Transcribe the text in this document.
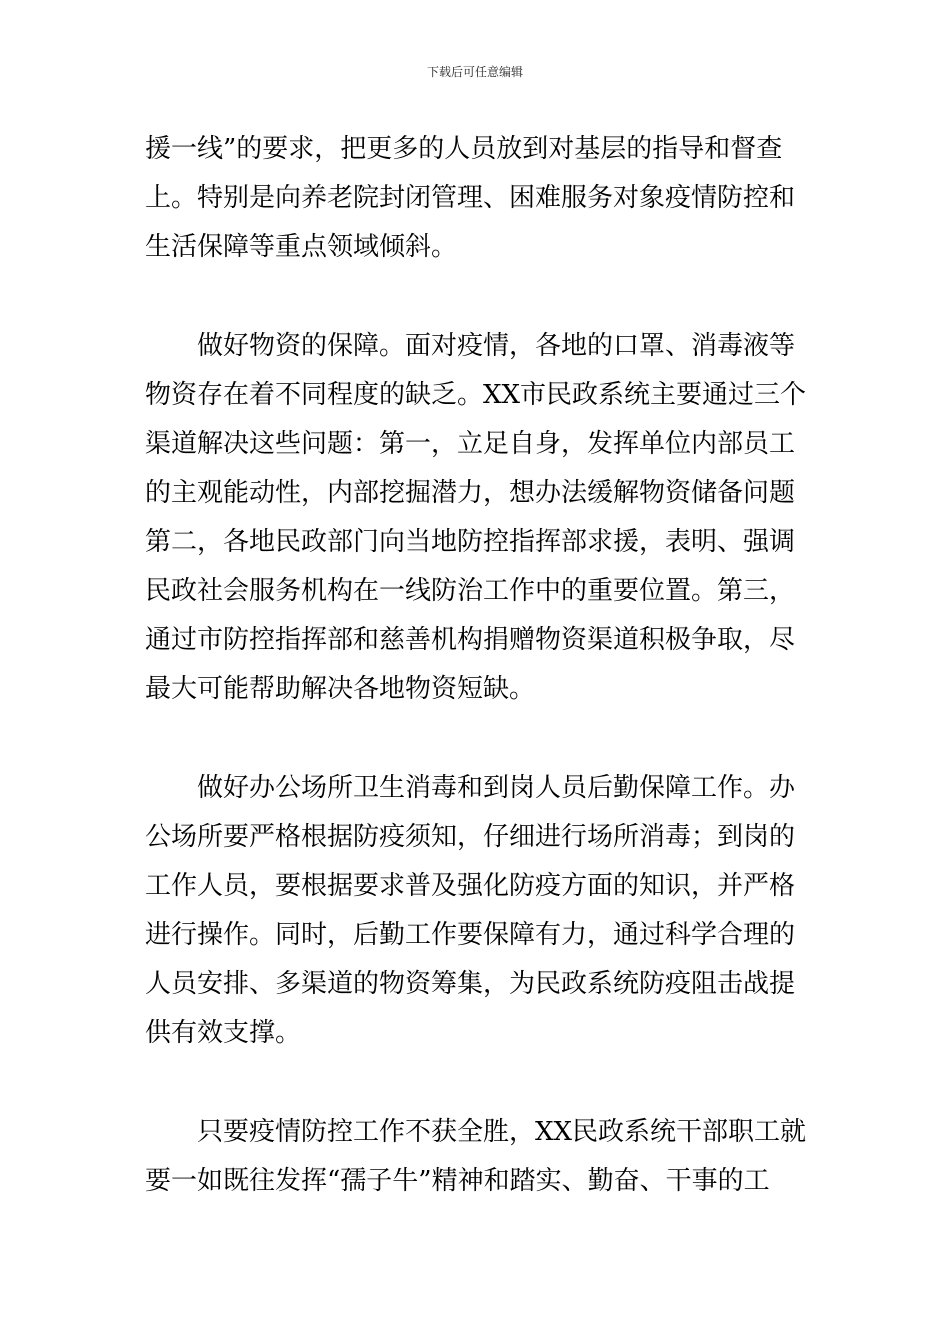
下载后可任意编辑
援一线”的要求，把更多的人员放到对基层的指导和督查
上。特别是向养老院封闭管理、困难服务对象疫情防控和
生活保障等重点领域倾斜。
　　做好物资的保障。面对疫情，各地的口罩、消毒液等
物资存在着不同程度的缺乏。XX市民政系统主要通过三个
渠道解决这些问题：第一，立足自身，发挥单位内部员工
的主观能动性，内部挖掘潜力，想办法缓解物资储备问题
第二，各地民政部门向当地防控指挥部求援，表明、强调
民政社会服务机构在一线防治工作中的重要位置。第三，
通过市防控指挥部和慈善机构捐赠物资渠道积极争取，尽
最大可能帮助解决各地物资短缺。
　　做好办公场所卫生消毒和到岗人员后勤保障工作。办
公场所要严格根据防疫须知，仔细进行场所消毒；到岗的
工作人员，要根据要求普及强化防疫方面的知识，并严格
进行操作。同时，后勤工作要保障有力，通过科学合理的
人员安排、多渠道的物资筹集，为民政系统防疫阻击战提
供有效支撑。
　　只要疫情防控工作不获全胜，XX民政系统干部职工就
要一如既往发挥“孺子牛”精神和踏实、勤奋、干事的工
